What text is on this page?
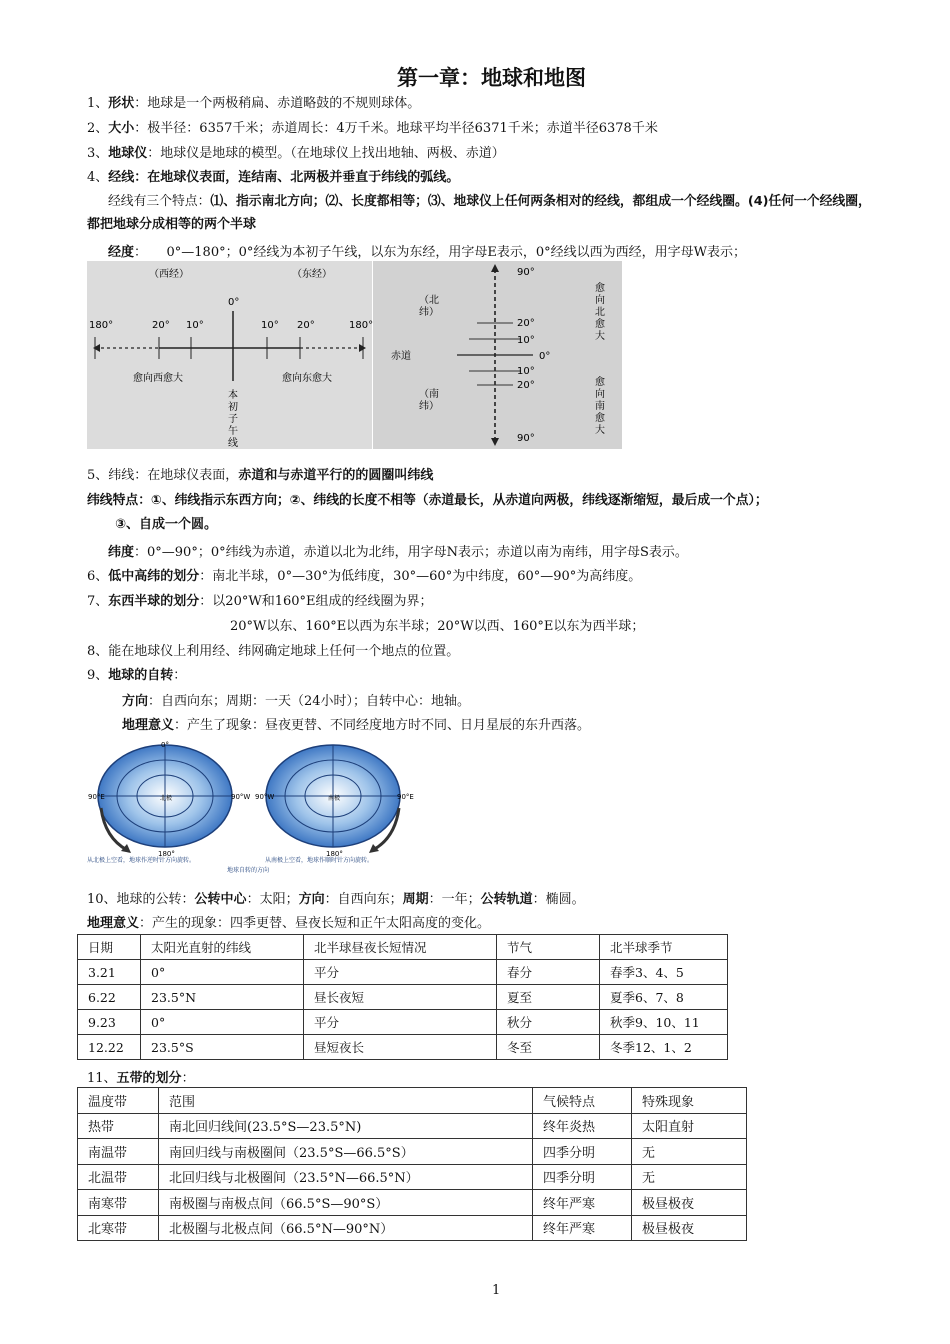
第一章：地球和地图
1、形状：地球是一个两极稍扁、赤道略鼓的不规则球体。
2、大小：极半径：6357千米；赤道周长：4万千米。地球平均半径6371千米；赤道半径6378千米
3、地球仪：地球仪是地球的模型。（在地球仪上找出地轴、两极、赤道）
4、经线：在地球仪表面，连结南、北两极并垂直于纬线的弧线。
经线有三个特点：⑴、指示南北方向；⑵、长度都相等；⑶、地球仪上任何两条相对的经线，都组成一个经线圈。(4)任何一个经线圈，
都把地球分成相等的两个半球
经度：　　0°—180°；0°经线为本初子午线，以东为东经，用字母E表示，0°经线以西为西经，用字母W表示；
（西经）	（东经）
180°	20° 10°
0°
10° 20°	180°
愈向西愈大	愈向东愈大
本
初
子
午
线
90°
20°
10°
0°
10°
20°
90°
（北
纬）
赤道
（南
纬）
愈
向
北
愈
大
愈
向
南
愈
大
5、纬线：在地球仪表面，赤道和与赤道平行的的圆圈叫纬线
纬线特点：①、纬线指示东西方向；②、纬线的长度不相等（赤道最长，从赤道向两极，纬线逐渐缩短，最后成一个点）；
③、自成一个圆。
纬度：0°—90°；0°纬线为赤道，赤道以北为北纬，用字母N表示；赤道以南为南纬，用字母S表示。
6、低中高纬的划分：南北半球，0°—30°为低纬度，30°—60°为中纬度，60°—90°为高纬度。
7、东西半球的划分：以20°W和160°E组成的经线圈为界；
20°W以东、160°E以西为东半球；20°W以西、160°E以东为西半球；
8、能在地球仪上利用经、纬网确定地球上任何一个地点的位置。
9、地球的自转：
方向：自西向东；周期：一天（24小时）；自转中心：地轴。
地理意义：产生了现象：昼夜更替、不同经度地方时不同、日月星辰的东升西落。
0°
90°E	90°W
北极
180°
从北极上空看，地球作逆时针方向旋转。
90°W	90°E
南极
180°
从南极上空看，地球作顺时针方向旋转。
地球自转的方向
10、地球的公转：公转中心：太阳；方向：自西向东；周期：一年；公转轨道：椭圆。
地理意义：产生的现象：四季更替、昼夜长短和正午太阳高度的变化。
日期	太阳光直射的纬线	北半球昼夜长短情况	节气	北半球季节
3.21	0°	平分	春分	春季3、4、5
6.22	23.5°N	昼长夜短	夏至	夏季6、7、8
9.23	0°	平分	秋分	秋季9、10、11
12.22	23.5°S	昼短夜长	冬至	冬季12、1、2
11、五带的划分：
温度带	范围	气候特点	特殊现象
热带	南北回归线间(23.5°S—23.5°N)	终年炎热	太阳直射
南温带	南回归线与南极圈间（23.5°S—66.5°S）	四季分明	无
北温带	北回归线与北极圈间（23.5°N—66.5°N）	四季分明	无
南寒带	南极圈与南极点间（66.5°S—90°S）	终年严寒	极昼极夜
北寒带	北极圈与北极点间（66.5°N—90°N）	终年严寒	极昼极夜
1
